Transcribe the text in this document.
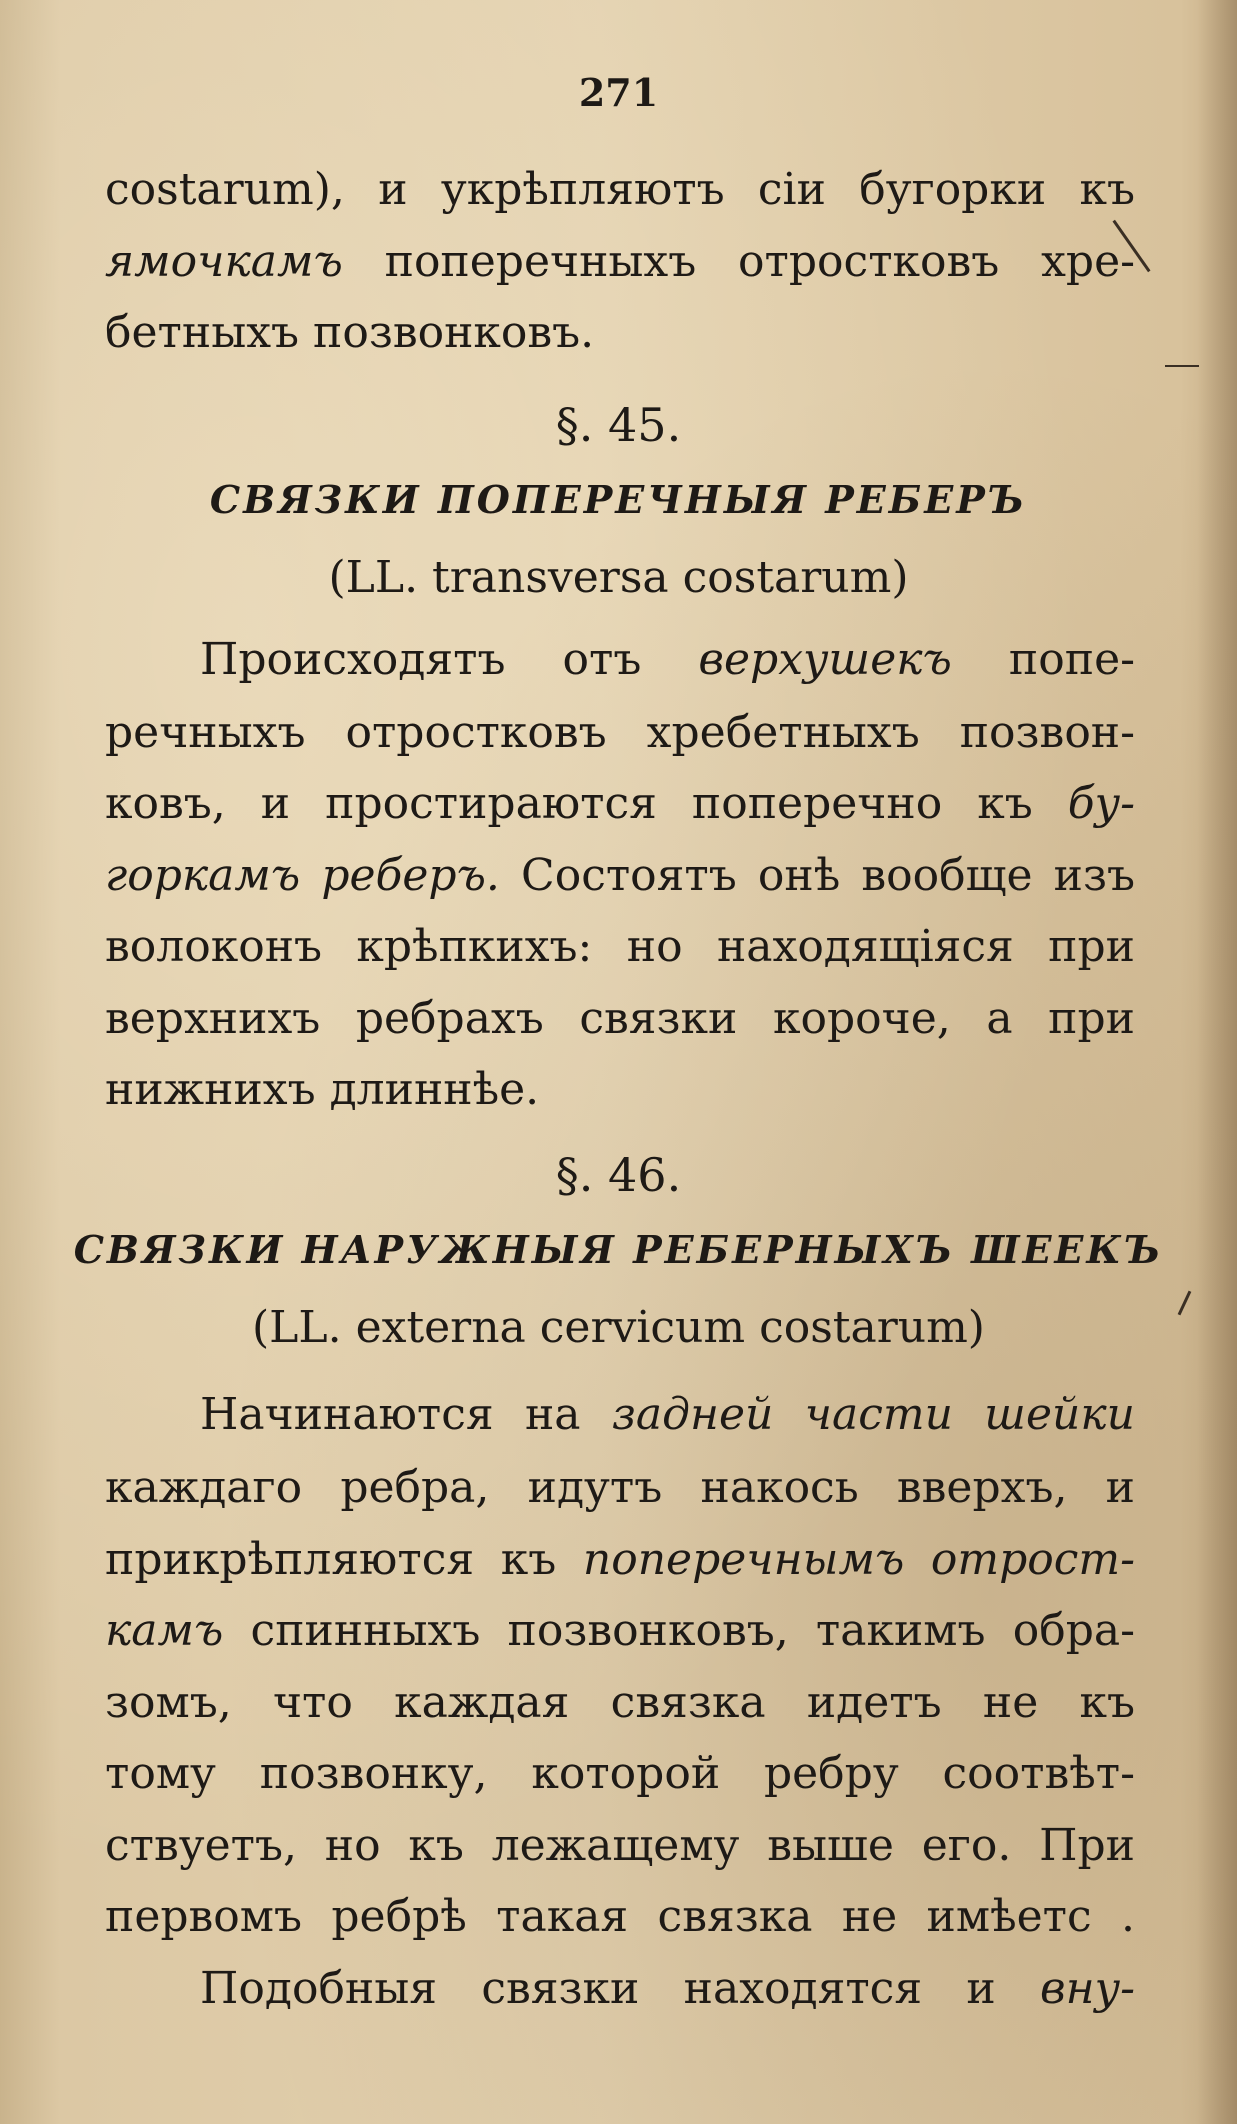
271
costarum), и укрѣпляютъ сіи бугорки къ
ямочкамъ поперечныхъ отростковъ хре-
бетныхъ позвонковъ.
§. 45.
СВЯЗКИ ПОПЕРЕЧНЫЯ РЕБЕРЪ
(LL. transversa costarum)
Происходятъ отъ верхушекъ попе-
речныхъ отростковъ хребетныхъ позвон-
ковъ, и простираются поперечно къ бу-
горкамъ реберъ. Состоятъ онѣ вообще изъ
волоконъ крѣпкихъ: но находящіяся при
верхнихъ ребрахъ связки короче, а при
нижнихъ длиннѣе.
§. 46.
СВЯЗКИ НАРУЖНЫЯ РЕБЕРНЫХЪ ШЕЕКЪ
(LL. externa cervicum costarum)
Начинаются на задней части шейки
каждаго ребра, идутъ накось вверхъ, и
прикрѣпляются къ поперечнымъ отрост-
камъ спинныхъ позвонковъ, такимъ обра-
зомъ, что каждая связка идетъ не къ
тому позвонку, которой ребру соотвѣт-
ствуетъ, но къ лежащему выше его. При
первомъ ребрѣ такая связка не имѣетс .
Подобныя связки находятся и вну-
